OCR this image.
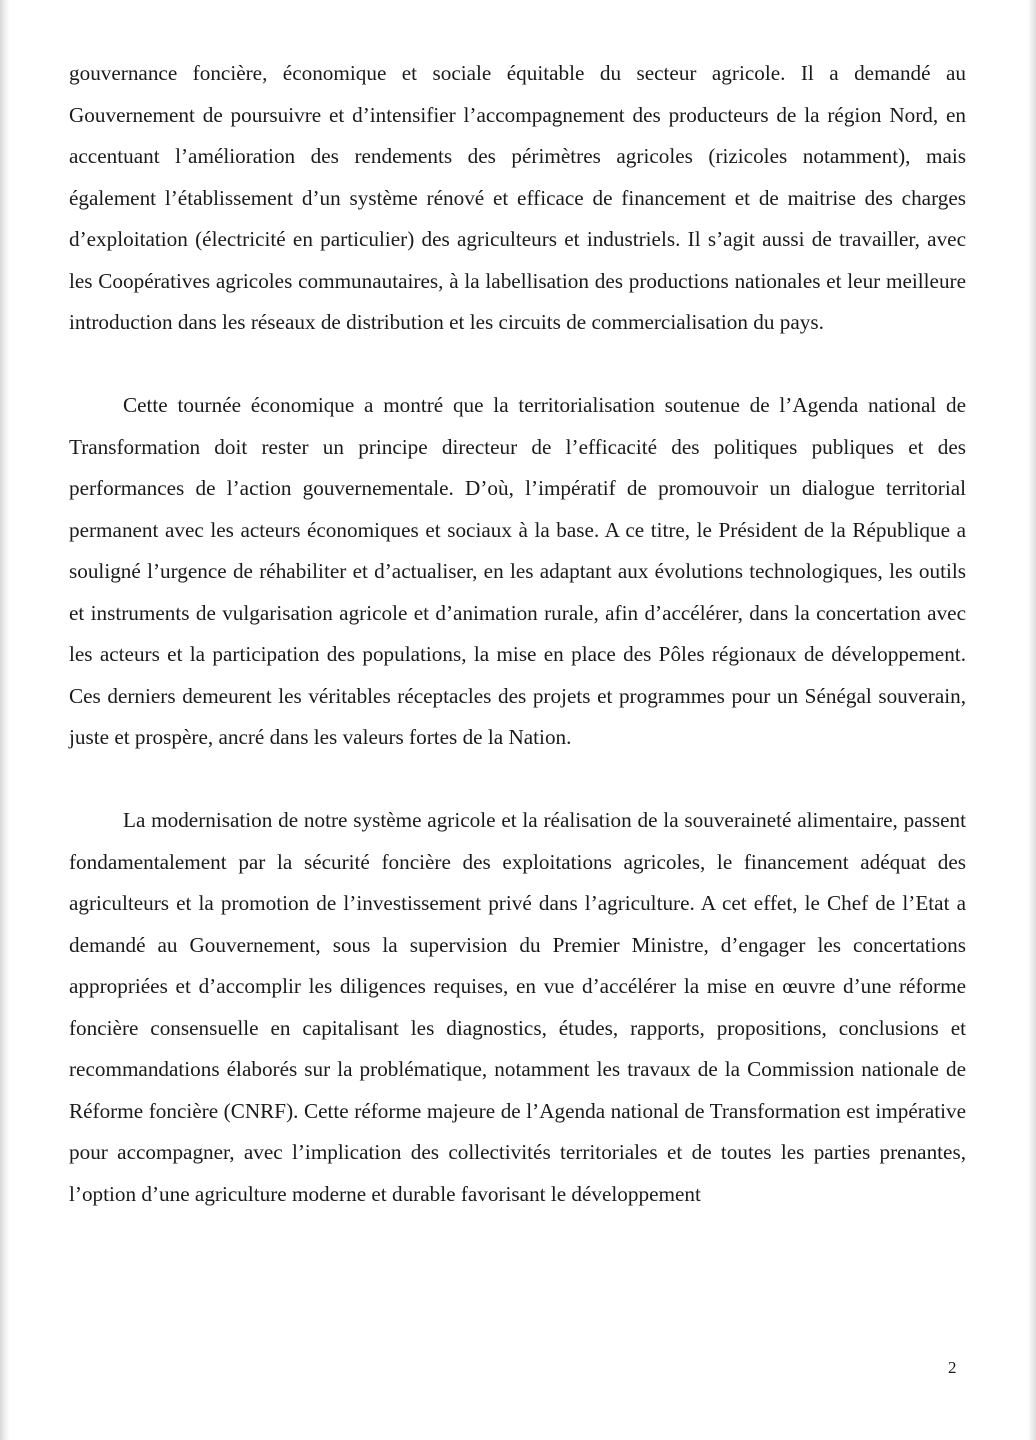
gouvernance foncière, économique et sociale équitable du secteur agricole. Il a demandé au Gouvernement de poursuivre et d’intensifier l’accompagnement des producteurs de la région Nord, en accentuant l’amélioration des rendements des périmètres agricoles (rizicoles notamment), mais également l’établissement d’un système rénové et efficace de financement et de maitrise des charges d’exploitation (électricité en particulier) des agriculteurs et industriels. Il s’agit aussi de travailler, avec les Coopératives agricoles communautaires, à la labellisation des productions nationales et leur meilleure introduction dans les réseaux de distribution et les circuits de commercialisation du pays.

Cette tournée économique a montré que la territorialisation soutenue de l’Agenda national de Transformation doit rester un principe directeur de l’efficacité des politiques publiques et des performances de l’action gouvernementale. D’où, l’impératif de promouvoir un dialogue territorial permanent avec les acteurs économiques et sociaux à la base. A ce titre, le Président de la République a souligné l’urgence de réhabiliter et d’actualiser, en les adaptant aux évolutions technologiques, les outils et instruments de vulgarisation agricole et d’animation rurale, afin d’accélérer, dans la concertation avec les acteurs et la participation des populations, la mise en place des Pôles régionaux de développement. Ces derniers demeurent les véritables réceptacles des projets et programmes pour un Sénégal souverain, juste et prospère, ancré dans les valeurs fortes de la Nation.

La modernisation de notre système agricole et la réalisation de la souveraineté alimentaire, passent fondamentalement par la sécurité foncière des exploitations agricoles, le financement adéquat des agriculteurs et la promotion de l’investissement privé dans l’agriculture. A cet effet, le Chef de l’Etat a demandé au Gouvernement, sous la supervision du Premier Ministre, d’engager les concertations appropriées et d’accomplir les diligences requises, en vue d’accélérer la mise en œuvre d’une réforme foncière consensuelle en capitalisant les diagnostics, études, rapports, propositions, conclusions et recommandations élaborés sur la problématique, notamment les travaux de la Commission nationale de Réforme foncière (CNRF). Cette réforme majeure de l’Agenda national de Transformation est impérative pour accompagner, avec l’implication des collectivités territoriales et de toutes les parties prenantes, l’option d’une agriculture moderne et durable favorisant le développement

2
